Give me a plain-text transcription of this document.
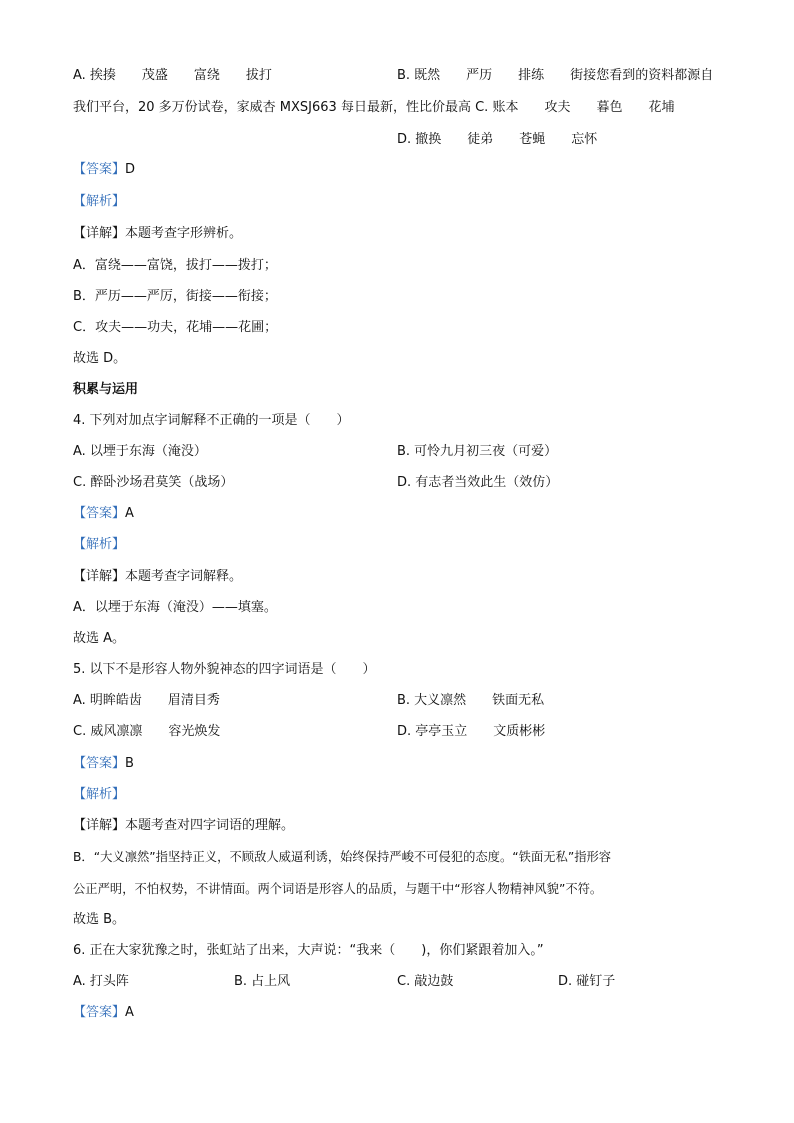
A. 挨揍　　茂盛　　富绕　　拔打	B. 既然　　严历　　排练　　街接您看到的资料都源自
我们平台，20 多万份试卷，家威杏 MXSJ663 每日最新，性比价最高 C. 账本　　攻夫　　暮色　　花埔
D. 撤换　　徒弟　　苍蝇　　忘怀
【答案】D
【解析】
【详解】本题考查字形辨析。
A．富绕——富饶，拔打——拨打；
B．严历——严厉，街接——衔接；
C．攻夫——功夫，花埔——花圃；
故选 D。
积累与运用
4. 下列对加点字词解释不正确的一项是（　　）
A. 以堙于东海（淹没）	B. 可怜九月初三夜（可爱）
C. 醉卧沙场君莫笑（战场）	D. 有志者当效此生（效仿）
【答案】A
【解析】
【详解】本题考查字词解释。
A．以堙于东海（淹没）——填塞。
故选 A。
5. 以下不是形容人物外貌神态的四字词语是（　　）
A. 明眸皓齿　　眉清目秀	B. 大义凛然　　铁面无私
C. 威风凛凛　　容光焕发	D. 亭亭玉立　　文质彬彬
【答案】B
【解析】
【详解】本题考查对四字词语的理解。
B．“大义凛然”指坚持正义，不顾敌人威逼利诱，始终保持严峻不可侵犯的态度。“铁面无私”指形容
公正严明，不怕权势，不讲情面。两个词语是形容人的品质，与题干中“形容人物精神风貌”不符。
故选 B。
6. 正在大家犹豫之时，张虹站了出来，大声说：“我来（　　)，你们紧跟着加入。”
A. 打头阵	B. 占上风	C. 敲边鼓	D. 碰钉子
【答案】A
